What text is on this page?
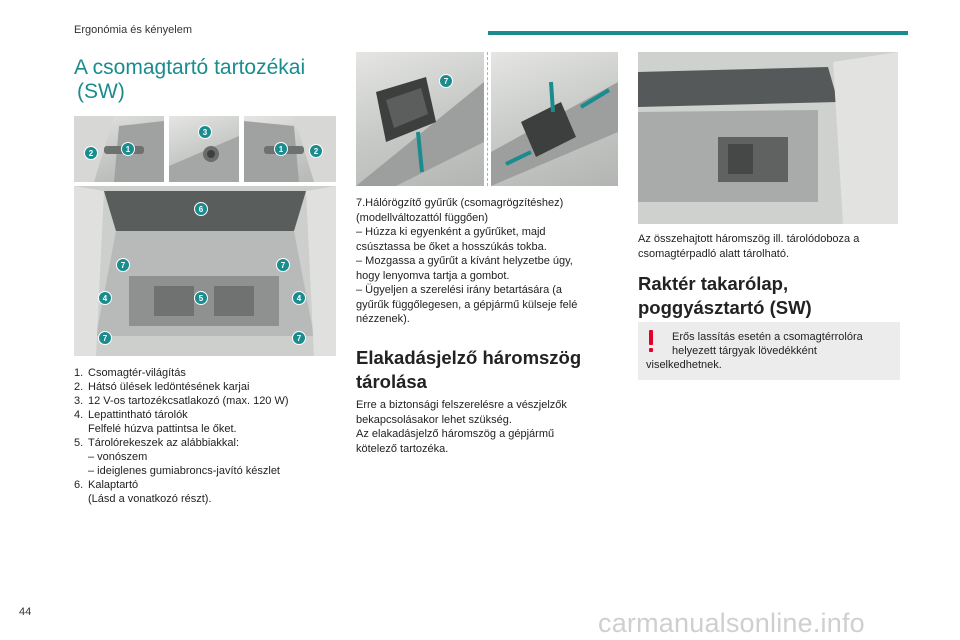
Ergonómia és kényelem
A csomagtartó tartozékai
(SW)
2	1
3
1	2
6
7	7
4	5	4
7	7
1. Csomagtér-világítás
2. Hátsó ülések ledöntésének karjai
3. 12 V-os tartozékcsatlakozó (max. 120 W)
4. Lepattintható tárolók
Felfelé húzva pattintsa le őket.
5. Tárolórekeszek az alábbiakkal:
– vonószem
– ideiglenes gumiabroncs-javító készlet
6. Kalaptartó
(Lásd a vonatkozó részt).
7
7.Hálórögzítő gyűrűk (csomagrögzítéshez)
(modellváltozattól függően)
– Húzza ki egyenként a gyűrűket, majd
csúsztassa be őket a hosszúkás tokba.
– Mozgassa a gyűrűt a kívánt helyzetbe úgy,
hogy lenyomva tartja a gombot.
– Ügyeljen a szerelési irány betartására (a
gyűrűk függőlegesen, a gépjármű külseje felé
nézzenek).
Elakadásjelző háromszög
tárolása
Erre a biztonsági felszerelésre a vészjelzők
bekapcsolásakor lehet szükség.
Az elakadásjelző háromszög a gépjármű
kötelező tartozéka.
Az összehajtott háromszög ill. tárolódoboza a
csomagtérpadló alatt tárolható.
Raktér takarólap,
poggyásztartó (SW)
Erős lassítás esetén a csomagtérrolóra
helyezett tárgyak lövedékként
viselkedhetnek.
44	carmanualsonline.info
